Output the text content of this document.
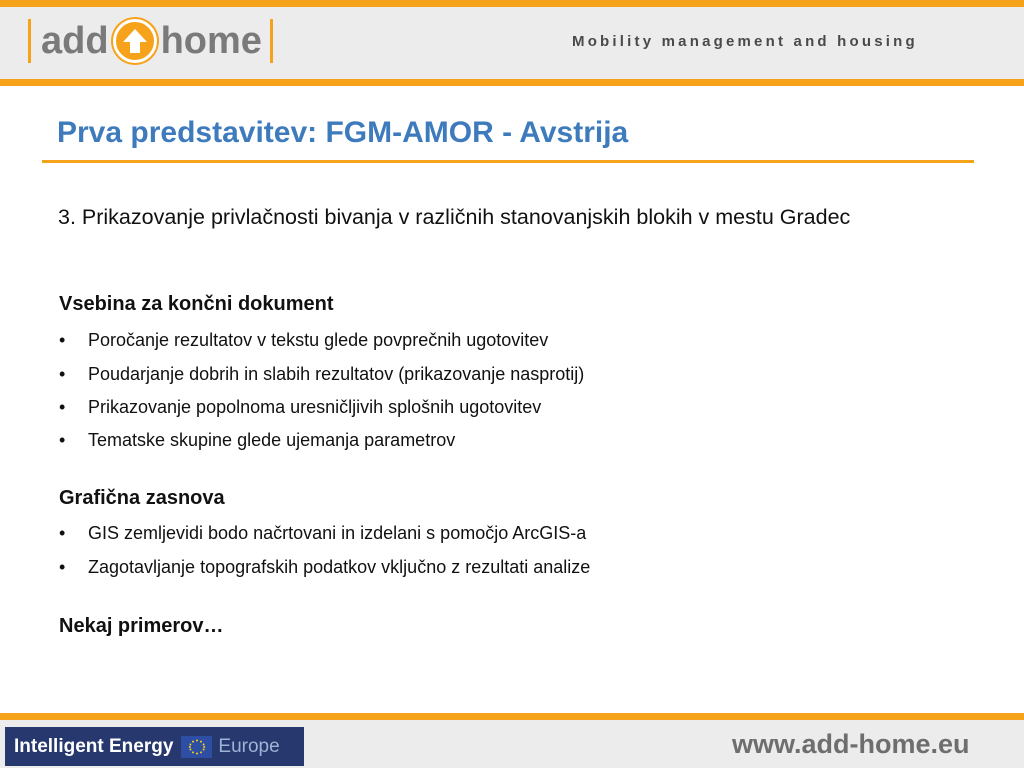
add home	Mobility management and housing
Prva predstavitev: FGM-AMOR - Avstrija
3. Prikazovanje privlačnosti bivanja v različnih stanovanjskih blokih v mestu Gradec
Vsebina za končni dokument
•	Poročanje rezultatov v tekstu glede povprečnih ugotovitev
•	Poudarjanje dobrih in slabih rezultatov (prikazovanje nasprotij)
•	Prikazovanje popolnoma uresničljivih splošnih ugotovitev
•	Tematske skupine glede ujemanja parametrov
Grafična zasnova
•	GIS zemljevidi bodo načrtovani in izdelani s pomočjo ArcGIS-a
•	Zagotavljanje topografskih podatkov vključno z rezultati analize
Nekaj primerov…
Intelligent Energy Europe	www.add-home.eu
